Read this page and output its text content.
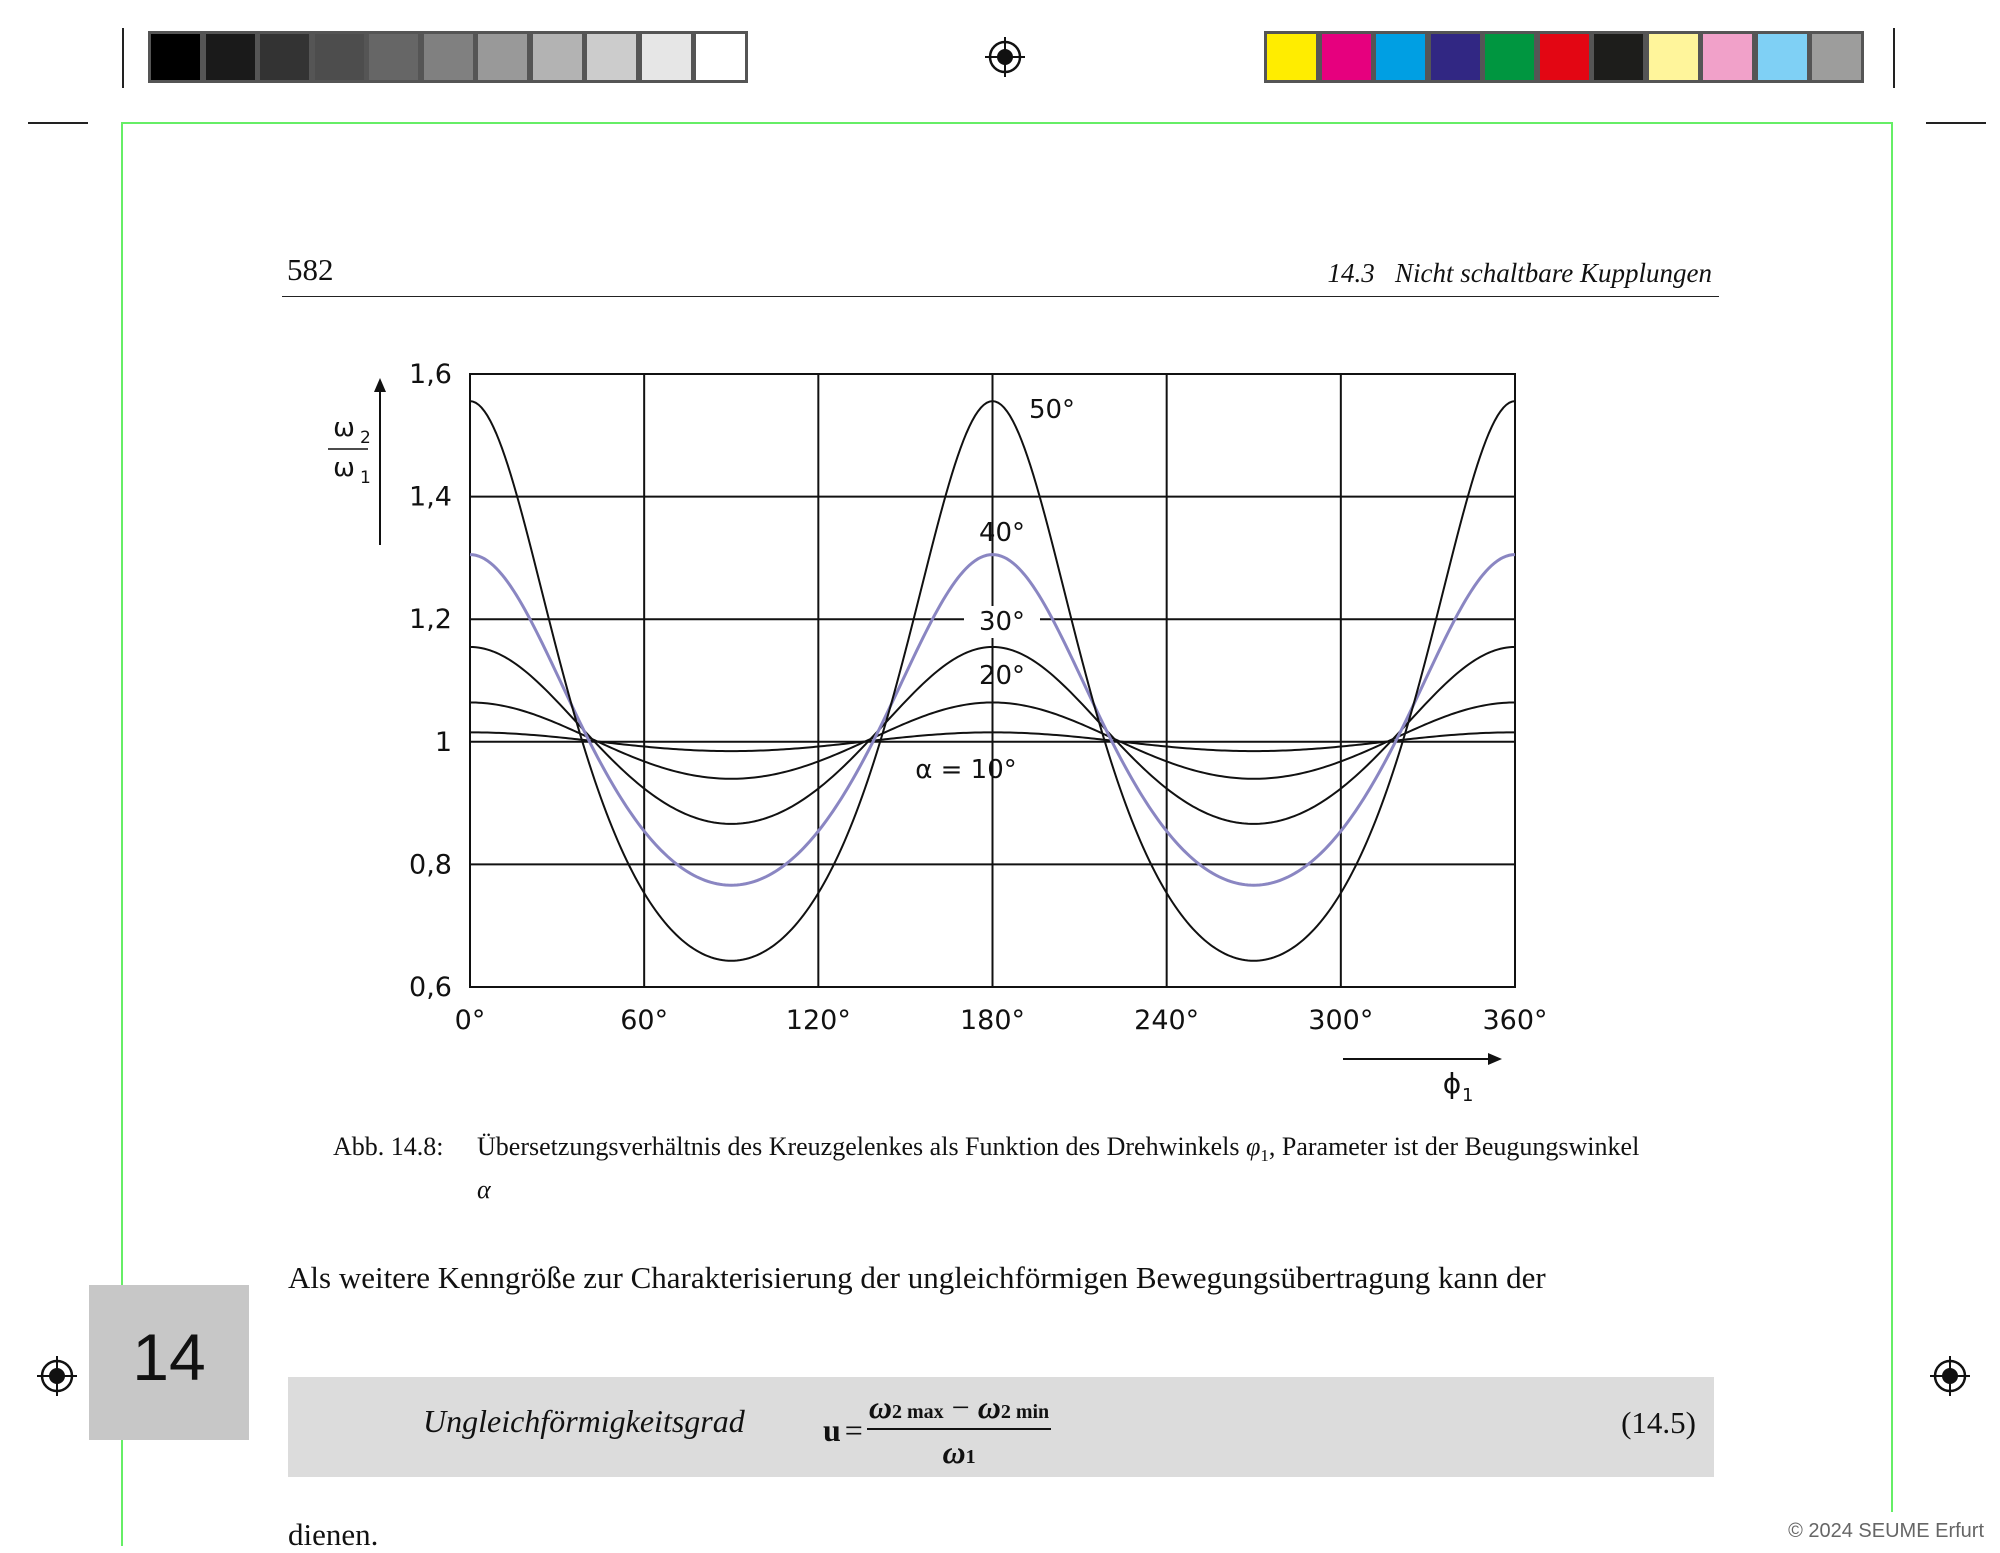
582	14.3   Nicht schaltbare Kupplungen
0°	60°	120°	180°	240°	300°	360°
1,6
1,4
1,2
1
0,8
0,6
α = 10°
20°
30°
40°
50°
ω 2
ω 1
ϕ 1
Abb. 14.8: Übersetzungsverhältnis des Kreuzgelenkes als Funktion des Drehwinkels $\varphi_1$, Parameter ist der Beugungswinkel α
Als weitere Kenngröße zur Charakterisierung der ungleichförmigen Bewegungsübertragung kann der
Ungleichförmigkeitsgrad u =
ω2 max − ω2 min
ω1
(14.5)
dienen.
14
© 2024 SEUME Erfurt
